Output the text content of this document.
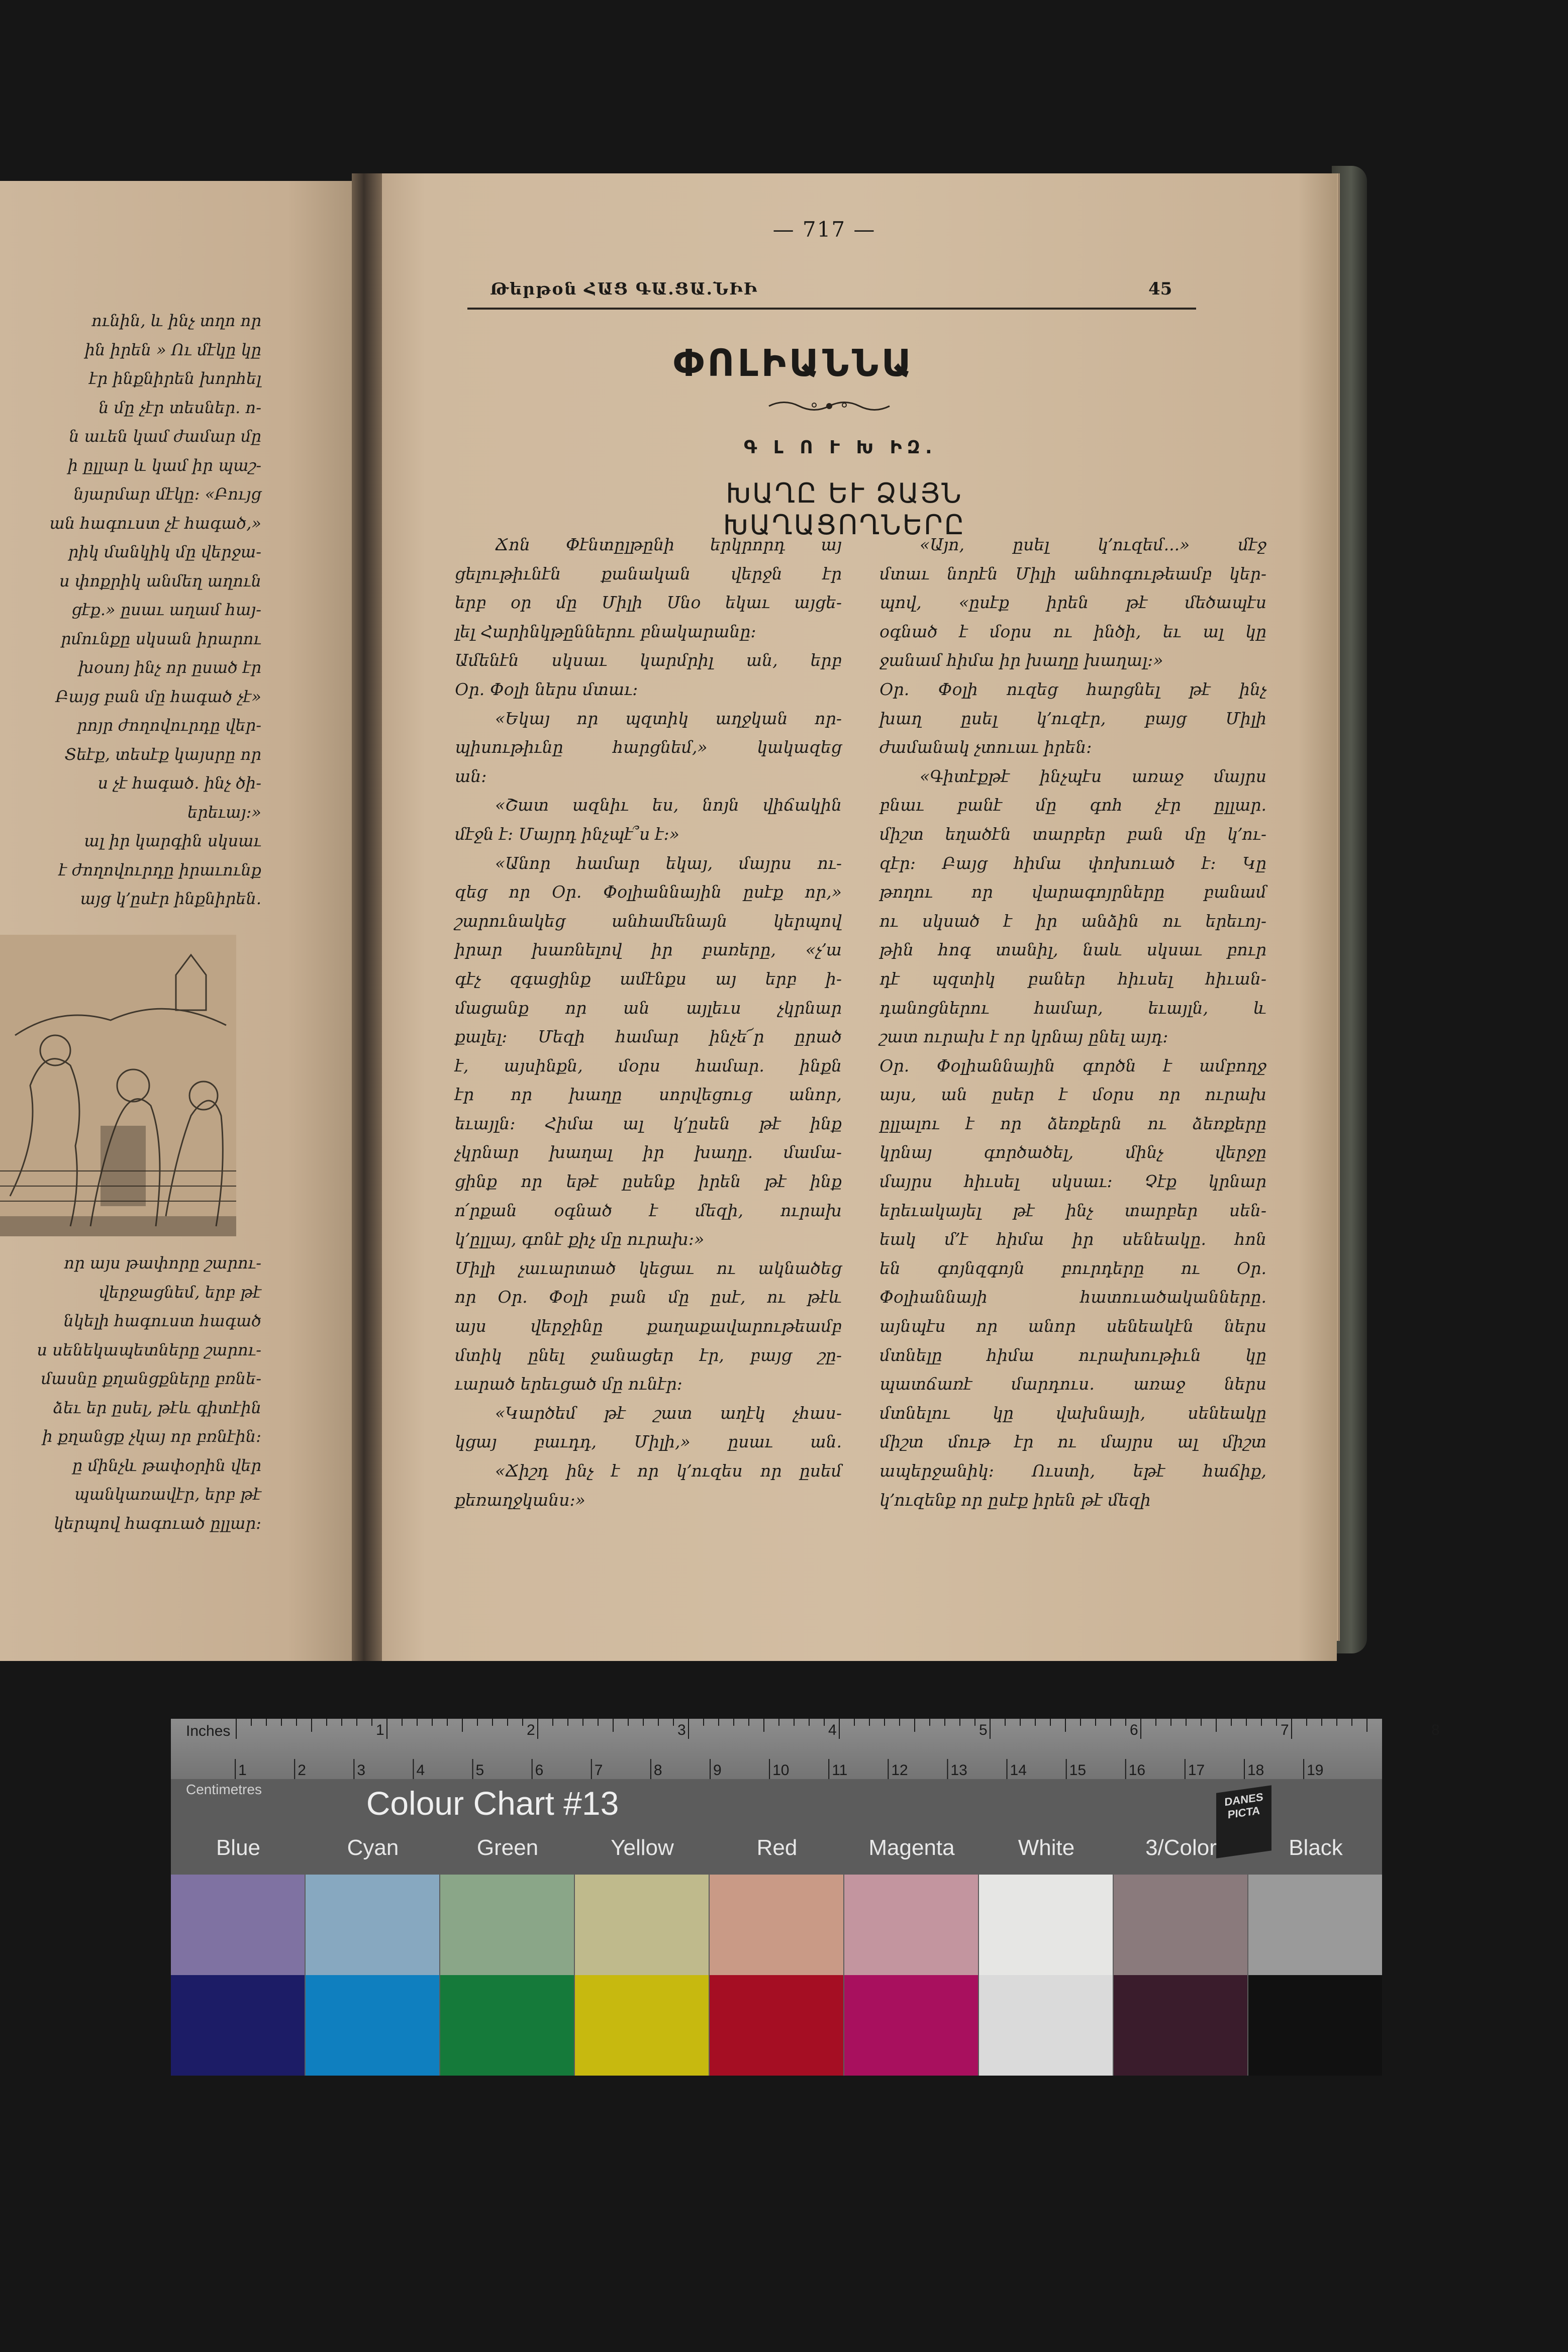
ունին, և ինչ տղո որ
ին իրեն » Ու մէկը կը
էր ինքնիրեն խորհել
ն մը չէր տեսներ. ո-
ն աւեն կամ ժամար մը
ի ըլլար և կամ իր պաշ-
նյարմար մէկը։ «Բույց
ան հագուստ չէ հագած,»
րիկ մանկիկ մը վերջա-
ս փոքրիկ անմեղ աղուն
ցէք.» ըսաւ աղամ հայ-
րմունքը սկսան իրարու
խօսոյ ինչ որ ըսած էր
Բայց բան մը հագած չէ»
րոյր ժողովուրդը վեր-
Տեէք, տեսէք կայսրը որ
ս չէ հագած. ինչ ծի-
երեւայ։»
ալ իր կարգին սկսաւ
է ժողովուրդը իրաւունք
այց կ՚ըսէր ինքնիրեն.
որ այս թափորը շարու-
վերջացնեմ, երբ թէ
նկելի հագուստ հագած
ս սենեկապետները շարու-
մասնը քղանցքները բռնե-
ձեւ եր ըսել, թէև գիտէին
ի քղանցք չկայ որ բռնէին։
ը մինչև թափօրին վեր
պանկառավէր, երբ թէ
կերպով հագուած ըլլար։
— 717 —
Թերթօն ՀԱՑ ԳԱ.ՑԱ.ՆԻԻ	45
ՓՈԼԻԱՆՆԱ
Գ Լ Ո Ւ Խ ԻԶ.
ԽԱՂԸ ԵՒ ՁԱՅՆ ԽԱՂԱՑՈՂՆԵՐԸ
Ճոն Փէնտըլթընի երկրորդ այ
ցելութիւնէն քանական վերջն էր
երբ օր մը Միլի Սնօ եկաւ այցե-
լել Հարինկթըններու բնակարանը։
Ամենէն սկսաւ կարմրիլ ան, երբ
Օր. Փօլի ներս մտաւ։
«Եկայ որ պզտիկ աղջկան որ-
պիսութիւնը հարցնեմ,» կակազեց
ան։
«Շատ ազնիւ ես, նոյն վիճակին
մէջն է։ Մայրդ ինչպէ՞ս է։»
«Անոր համար եկայ, մայրս ու-
զեց որ Օր. Փօլիաննային ըսէք որ,»
շարունակեց անհամենայն կերպով
իրար խառնելով իր բառերը, «չ՚ա
գէչ զգացինք ամէնքս այ երբ ի-
մացանք որ ան այլեւս չկրնար
քալել։ Մեզի համար ինչե՜ր ըրած
է, այսինքն, մօրս համար. ինքն
էր որ խաղը սորվեցուց անոր,
եւայլն։ Հիմա ալ կ՚ըսեն թէ ինք
չկրնար խաղալ իր խաղը. մամա-
ցինք որ եթէ ըսենք իրեն թէ ինք
ո՛րքան օգնած է մեզի, ուրախ
կ՚ըլլայ, գոնէ քիչ մը ուրախ։»
Միլի չաւարտած կեցաւ ու ակնածեց
որ Օր. Փօլի բան մը ըսէ, ու թէև
այս վերջինը քաղաքավարութեամբ
մտիկ ընել ջանացեր էր, բայց շը-
ւարած երեւցած մը ունէր։
«Կարծեմ թէ շատ աղէկ չհաս-
կցայ բաւդդ, Միլի,» ըսաւ ան.
«Ճիշդ ինչ է որ կ՚ուզես որ ըսեմ
քեռաղջկանս։»
«Այո, ըսել կ՚ուզեմ...» մէջ
մտաւ նորէն Միլի անհոգութեամբ կեր-
պով, «ըսէք իրեն թէ մեծապէս
օգնած է մօրս ու ինծի, եւ ալ կը
ջանամ հիմա իր խաղը խաղալ։»
Օր. Փօլի ուզեց հարցնել թէ ինչ
խաղ ըսել կ՚ուզէր, բայց Միլի
ժամանակ չտուաւ իրեն։
«Գիտէքթէ ինչպէս առաջ մայրս
բնաւ բանէ մը գոհ չէր ըլլար.
միշտ եղածէն տարբեր բան մը կ՚ու-
զէր։ Բայց հիմա փոխուած է։ Կը
թողու որ վարագոյրները բանամ
ու սկսած է իր անձին ու երեւոյ-
թին հոգ տանիլ, նաև սկսաւ բուր
դէ պզտիկ բաներ հիւսել հիւան-
դանոցներու համար, եւայլն, և
շատ ուրախ է որ կրնայ ընել այդ։
Օր. Փօլիաննային գործն է ամբողջ
այս, ան ըսեր է մօրս որ ուրախ
ըլլալու է որ ձեռքերն ու ձեռքերը
կրնայ գործածել, մինչ վերջը
մայրս հիւսել սկսաւ։ Չէք կրնար
երեւակայել թէ ինչ տարբեր սեն-
եակ մ՚է հիմա իր սենեակը. հոն
են գոյնզգոյն բուրդերը ու Օր.
Փօլիաննայի հատուածականները.
այնպէս որ անոր սենեակէն ներս
մտնելը հիմա ուրախութիւն կը
պատճառէ մարդուս. առաջ ներս
մտնելու կը վախնայի, սենեակը
միշտ մութ էր ու մայրս ալ միշտ
ապերջանիկ։ Ուստի, եթէ հաճիք,
կ՚ուզենք որ ըսէք իրեն թէ մեզի
1	2	3	4	5	6	7	8
1	2	3	4	5	6	7	8	9	10	11	12	13	14	15	16	17	18	19
Inches
Centimetres	Colour Chart #13	DANES PICTA
Blue	Cyan	Green	Yellow	Red	Magenta	White	3/Color	Black
